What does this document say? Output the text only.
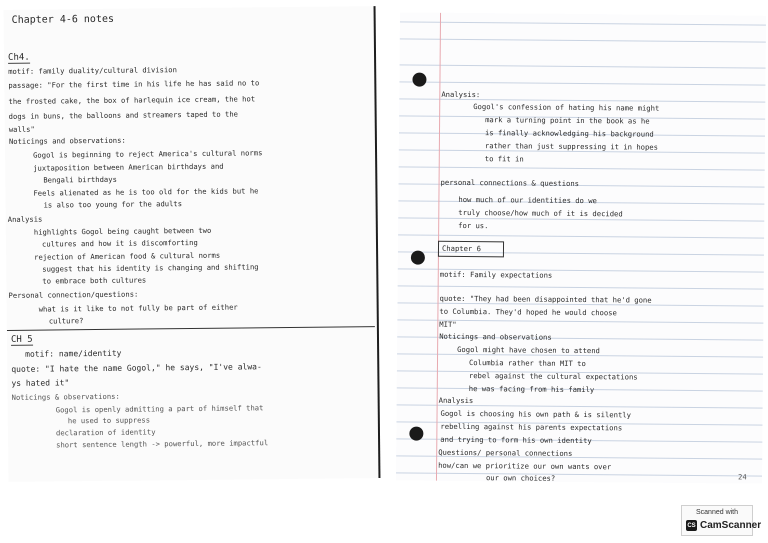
Chapter 4-6 notes
Ch4.
motif: family duality/cultural division
passage: "For the first time in his life he has said no to
the frosted cake, the box of harlequin ice cream, the hot
dogs in buns, the balloons and streamers taped to the
walls"
Noticings and observations:
Gogol is beginning to reject America's cultural norms
juxtaposition between American birthdays and
Bengali birthdays
Feels alienated as he is too old for the kids but he
is also too young for the adults
Analysis
highlights Gogol being caught between two
cultures and how it is discomforting
rejection of American food & cultural norms
suggest that his identity is changing and shifting
to embrace both cultures
Personal connection/questions:
what is it like to not fully be part of either
culture?
CH 5
motif: name/identity
quote: "I hate the name Gogol," he says, "I've alwa-
ys hated it"
Noticings & observations:
Gogol is openly admitting a part of himself that
he used to suppress
declaration of identity
short sentence length -> powerful, more impactful
Analysis:
Gogol's confession of hating his name might
mark a turning point in the book as he
is finally acknowledging his background
rather than just suppressing it in hopes
to fit in
personal connections & questions
how much of our identities do we
truly choose/how much of it is decided
for us.
Chapter 6
motif: Family expectations
quote: "They had been disappointed that he'd gone
to Columbia. They'd hoped he would choose
MIT"
Noticings and observations
Gogol might have chosen to attend
Columbia rather than MIT to
rebel against the cultural expectations
he was facing from his family
Analysis
Gogol is choosing his own path & is silently
rebelling against his parents expectations
and trying to form his own identity
Questions/ personal connections
how/can we prioritize our own wants over
our own choices?	24
Scanned with
CS CamScanner
